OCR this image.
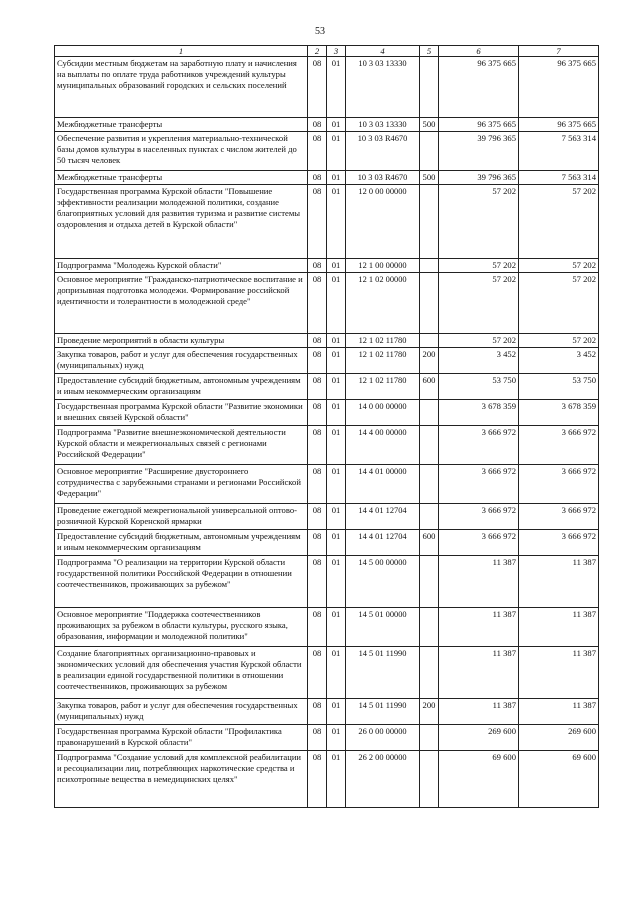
53
1	2	3	4	5	6	7
Субсидии местным бюджетам на заработную плату и начисления на выплаты по оплате труда работников учреждений культуры муниципальных образований городских и сельских поселений	08	01	10 3 03 13330		96 375 665	96 375 665
Межбюджетные трансферты	08	01	10 3 03 13330	500	96 375 665	96 375 665
Обеспечение развития и укрепления материально-технической базы домов культуры в населенных пунктах с числом жителей до 50 тысяч человек	08	01	10 3 03 R4670		39 796 365	7 563 314
Межбюджетные трансферты	08	01	10 3 03 R4670	500	39 796 365	7 563 314
Государственная программа Курской области "Повышение эффективности реализации молодежной политики, создание благоприятных условий для развития туризма и развитие системы оздоровления и отдыха детей в Курской области"	08	01	12 0 00 00000		57 202	57 202
Подпрограмма "Молодежь Курской области"	08	01	12 1 00 00000		57 202	57 202
Основное мероприятие "Гражданско-патриотическое воспитание и допризывная подготовка молодежи. Формирование российской идентичности и толерантности в молодежной среде"	08	01	12 1 02 00000		57 202	57 202
Проведение мероприятий в области культуры	08	01	12 1 02 11780		57 202	57 202
Закупка товаров, работ и услуг для обеспечения государственных (муниципальных) нужд	08	01	12 1 02 11780	200	3 452	3 452
Предоставление субсидий бюджетным, автономным учреждениям и иным некоммерческим организациям	08	01	12 1 02 11780	600	53 750	53 750
Государственная программа Курской области "Развитие экономики и внешних связей Курской области"	08	01	14 0 00 00000		3 678 359	3 678 359
Подпрограмма "Развитие внешнеэкономической деятельности Курской области и межрегиональных связей с регионами Российской Федерации"	08	01	14 4 00 00000		3 666 972	3 666 972
Основное мероприятие "Расширение двустороннего сотрудничества с зарубежными странами и регионами Российской Федерации"	08	01	14 4 01 00000		3 666 972	3 666 972
Проведение ежегодной межрегиональной универсальной оптово-розничной Курской Коренской ярмарки	08	01	14 4 01 12704		3 666 972	3 666 972
Предоставление субсидий бюджетным, автономным учреждениям и иным некоммерческим организациям	08	01	14 4 01 12704	600	3 666 972	3 666 972
Подпрограмма "О реализации на территории Курской области государственной политики Российской Федерации в отношении соотечественников, проживающих за рубежом"	08	01	14 5 00 00000		11 387	11 387
Основное мероприятие "Поддержка соотечественников проживающих за рубежом в области культуры, русского языка, образования, информации и молодежной политики"	08	01	14 5 01 00000		11 387	11 387
Создание благоприятных организационно-правовых и экономических условий для обеспечения участия Курской области в реализации единой государственной политики в отношении соотечественников, проживающих за рубежом	08	01	14 5 01 11990		11 387	11 387
Закупка товаров, работ и услуг для обеспечения государственных (муниципальных) нужд	08	01	14 5 01 11990	200	11 387	11 387
Государственная программа Курской области "Профилактика правонарушений в Курской области"	08	01	26 0 00 00000		269 600	269 600
Подпрограмма "Создание условий для комплексной реабилитации и ресоциализации лиц, потребляющих наркотические средства и психотропные вещества в немедицинских целях"	08	01	26 2 00 00000		69 600	69 600
